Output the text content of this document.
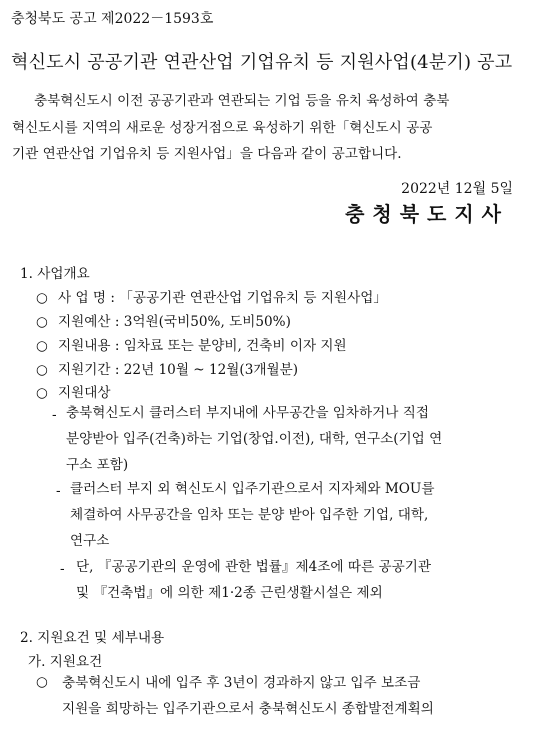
충청북도 공고 제2022－1593호
혁신도시 공공기관 연관산업 기업유치 등 지원사업(4분기) 공고
충북혁신도시 이전 공공기관과 연관되는 기업 등을 유치 육성하여 충북
혁신도시를 지역의 새로운 성장거점으로 육성하기 위한「혁신도시 공공
기관 연관산업 기업유치 등 지원사업」을 다음과 같이 공고합니다.
2022년 12월 5일
충청북도지사
1. 사업개요
○ 사 업 명 : 「공공기관 연관산업 기업유치 등 지원사업」
○ 지원예산 : 3억원(국비50%, 도비50%)
○ 지원내용 : 임차료 또는 분양비, 건축비 이자 지원
○ 지원기간 : 22년 10월 ~ 12월(3개월분)
○ 지원대상
- 충북혁신도시 클러스터 부지내에 사무공간을 임차하거나 직접
분양받아 입주(건축)하는 기업(창업.이전), 대학, 연구소(기업 연
구소 포함)
- 클러스터 부지 외 혁신도시 입주기관으로서 지자체와 MOU를
체결하여 사무공간을 임차 또는 분양 받아 입주한 기업, 대학,
연구소
- 단, 『공공기관의 운영에 관한 법률』제4조에 따른 공공기관
및 『건축법』에 의한 제1·2종 근린생활시설은 제외
2. 지원요건 및 세부내용
가. 지원요건
○ 충북혁신도시 내에 입주 후 3년이 경과하지 않고 입주 보조금
지원을 희망하는 입주기관으로서 충북혁신도시 종합발전계획의
